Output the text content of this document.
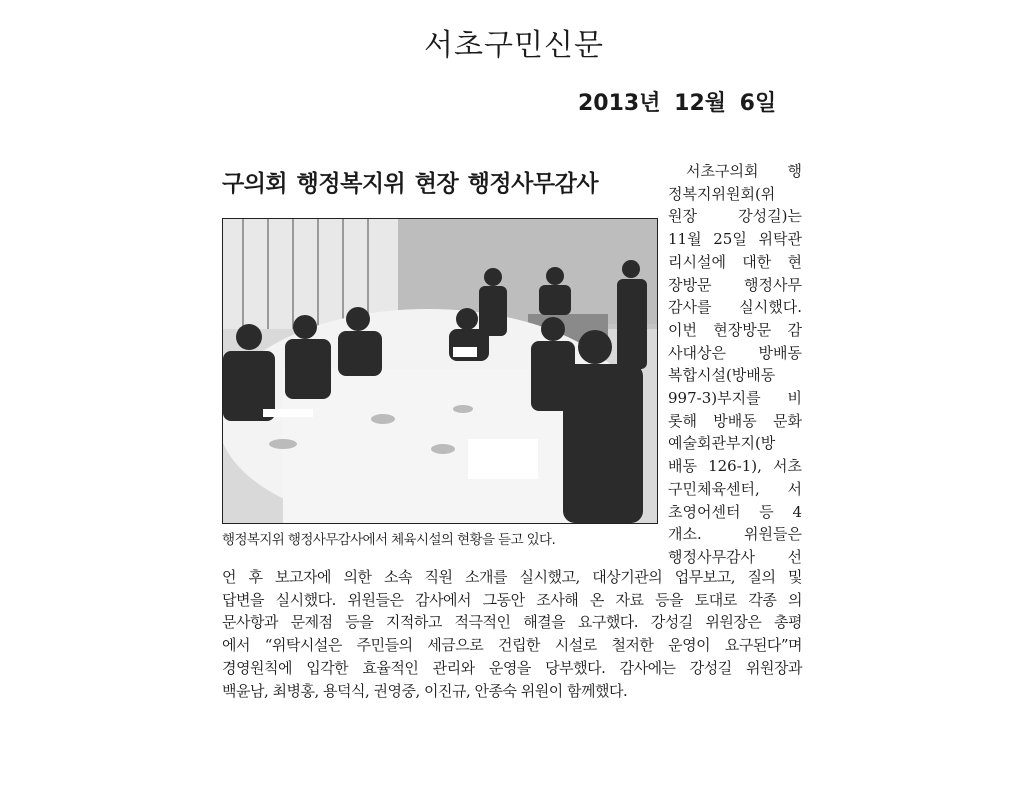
서초구민신문
2013년 12월 6일
구의회 행정복지위 현장 행정사무감사
행정복지위 행정사무감사에서 체육시설의 현황을 듣고 있다.
서초구의회 행
정복지위원회(위
원장 강성길)는
11월 25일 위탁관
리시설에 대한 현
장방문 행정사무
감사를 실시했다.
이번 현장방문 감
사대상은 방배동
복합시설(방배동
997-3)부지를 비
롯해 방배동 문화
예술회관부지(방
배동 126-1), 서초
구민체육센터, 서
초영어센터 등 4
개소. 위원들은
행정사무감사 선
언 후 보고자에 의한 소속 직원 소개를 실시했고, 대상기관의 업무보고, 질의 및
답변을 실시했다. 위원들은 감사에서 그동안 조사해 온 자료 등을 토대로 각종 의
문사항과 문제점 등을 지적하고 적극적인 해결을 요구했다. 강성길 위원장은 총평
에서 “위탁시설은 주민들의 세금으로 건립한 시설로 철저한 운영이 요구된다”며
경영원칙에 입각한 효율적인 관리와 운영을 당부했다. 감사에는 강성길 위원장과
백윤남, 최병홍, 용덕식, 권영중, 이진규, 안종숙 위원이 함께했다.
